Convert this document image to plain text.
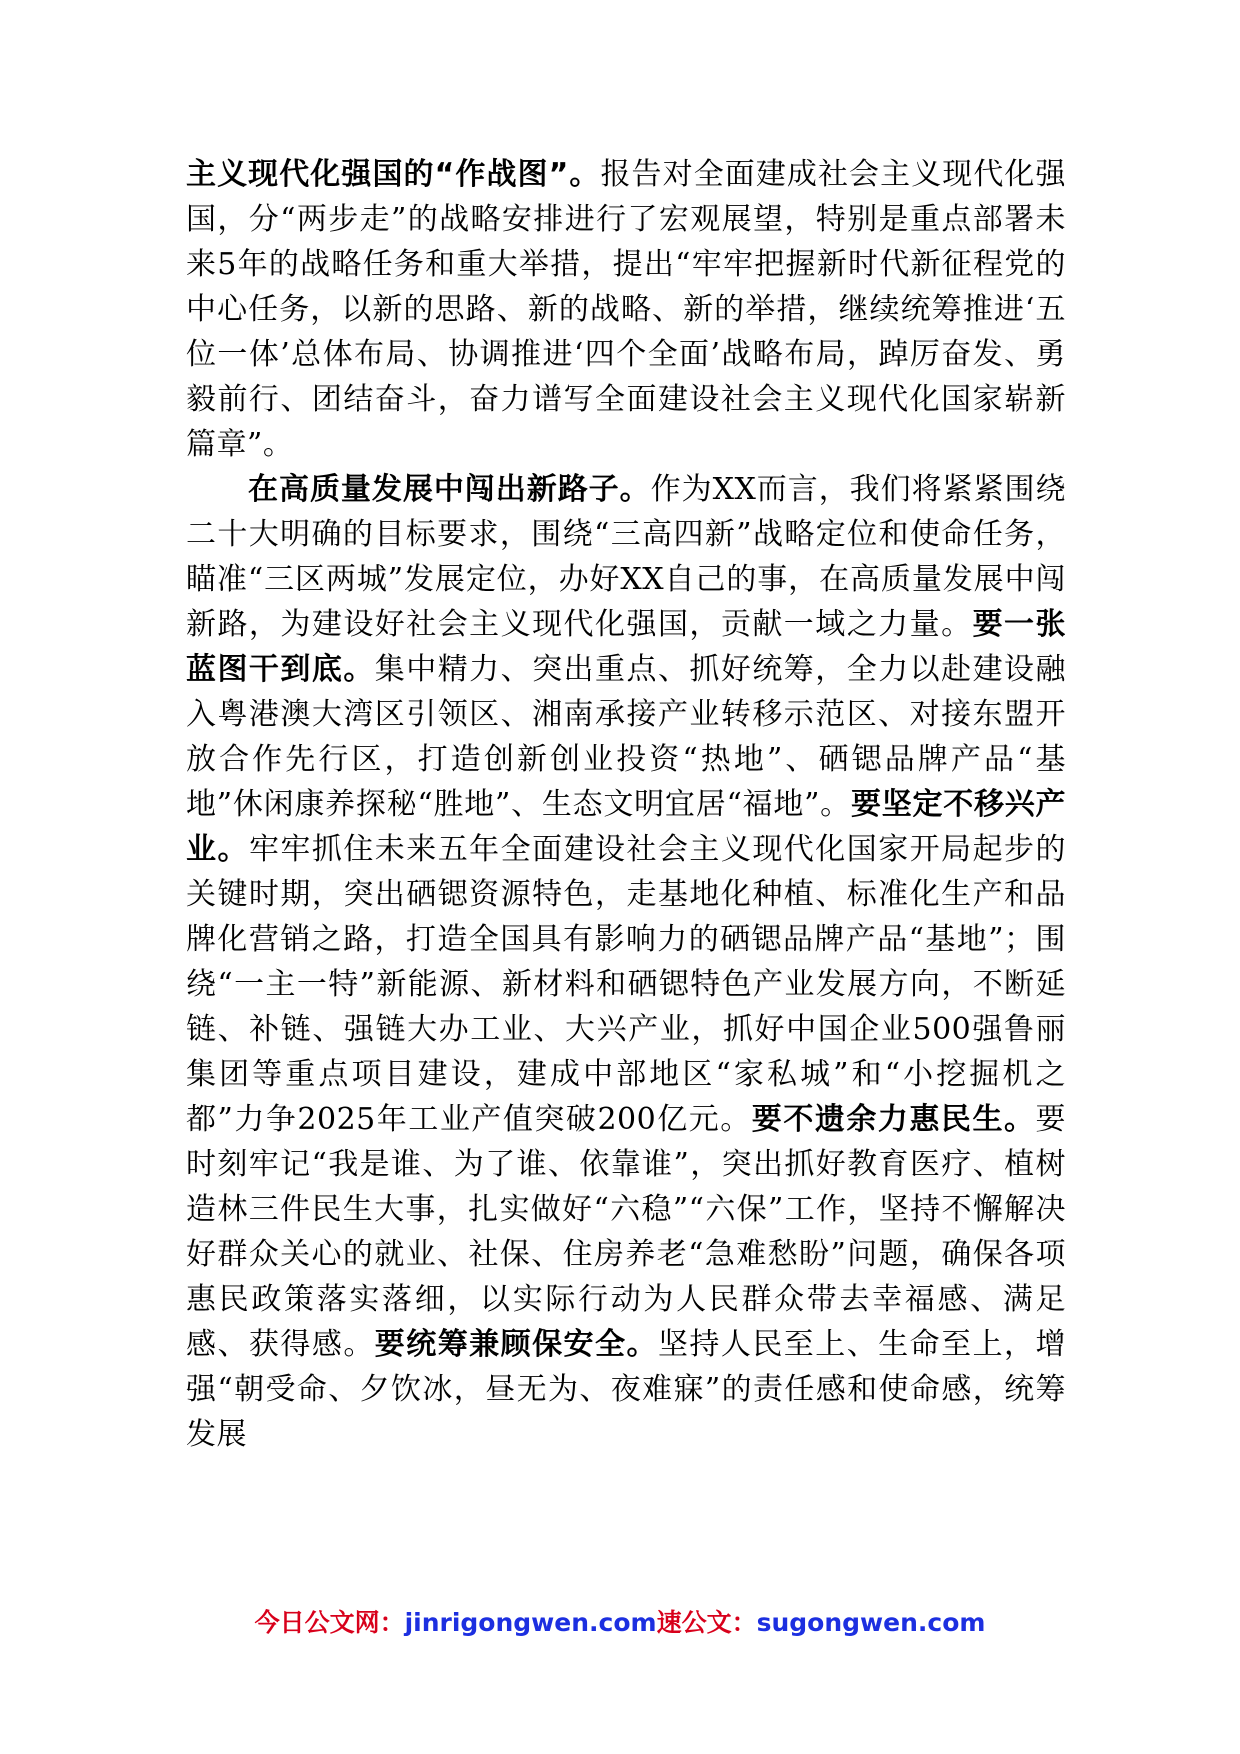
主义现代化强国的“作战图”。报告对全面建成社会主义现代化强国，分“两步走”的战略安排进行了宏观展望，特别是重点部署未来5年的战略任务和重大举措，提出“牢牢把握新时代新征程党的中心任务，以新的思路、新的战略、新的举措，继续统筹推进‘五位一体’总体布局、协调推进‘四个全面’战略布局，踔厉奋发、勇毅前行、团结奋斗，奋力谱写全面建设社会主义现代化国家崭新篇章”。

在高质量发展中闯出新路子。作为XX而言，我们将紧紧围绕二十大明确的目标要求，围绕“三高四新”战略定位和使命任务，瞄准“三区两城”发展定位，办好XX自己的事，在高质量发展中闯新路，为建设好社会主义现代化强国，贡献一域之力量。要一张蓝图干到底。集中精力、突出重点、抓好统筹，全力以赴建设融入粤港澳大湾区引领区、湘南承接产业转移示范区、对接东盟开放合作先行区，打造创新创业投资“热地”、硒锶品牌产品“基地”休闲康养探秘“胜地”、生态文明宜居“福地”。要坚定不移兴产业。牢牢抓住未来五年全面建设社会主义现代化国家开局起步的关键时期，突出硒锶资源特色，走基地化种植、标准化生产和品牌化营销之路，打造全国具有影响力的硒锶品牌产品“基地”；围绕“一主一特”新能源、新材料和硒锶特色产业发展方向，不断延链、补链、强链大办工业、大兴产业，抓好中国企业500强鲁丽集团等重点项目建设，建成中部地区“家私城”和“小挖掘机之都”力争2025年工业产值突破200亿元。要不遗余力惠民生。要时刻牢记“我是谁、为了谁、依靠谁”，突出抓好教育医疗、植树造林三件民生大事，扎实做好“六稳”“六保”工作，坚持不懈解决好群众关心的就业、社保、住房养老“急难愁盼”问题，确保各项惠民政策落实落细，以实际行动为人民群众带去幸福感、满足感、获得感。要统筹兼顾保安全。坚持人民至上、生命至上，增强“朝受命、夕饮冰，昼无为、夜难寐”的责任感和使命感，统筹发展

今日公文网：jinrigongwen.com速公文：sugongwen.com
